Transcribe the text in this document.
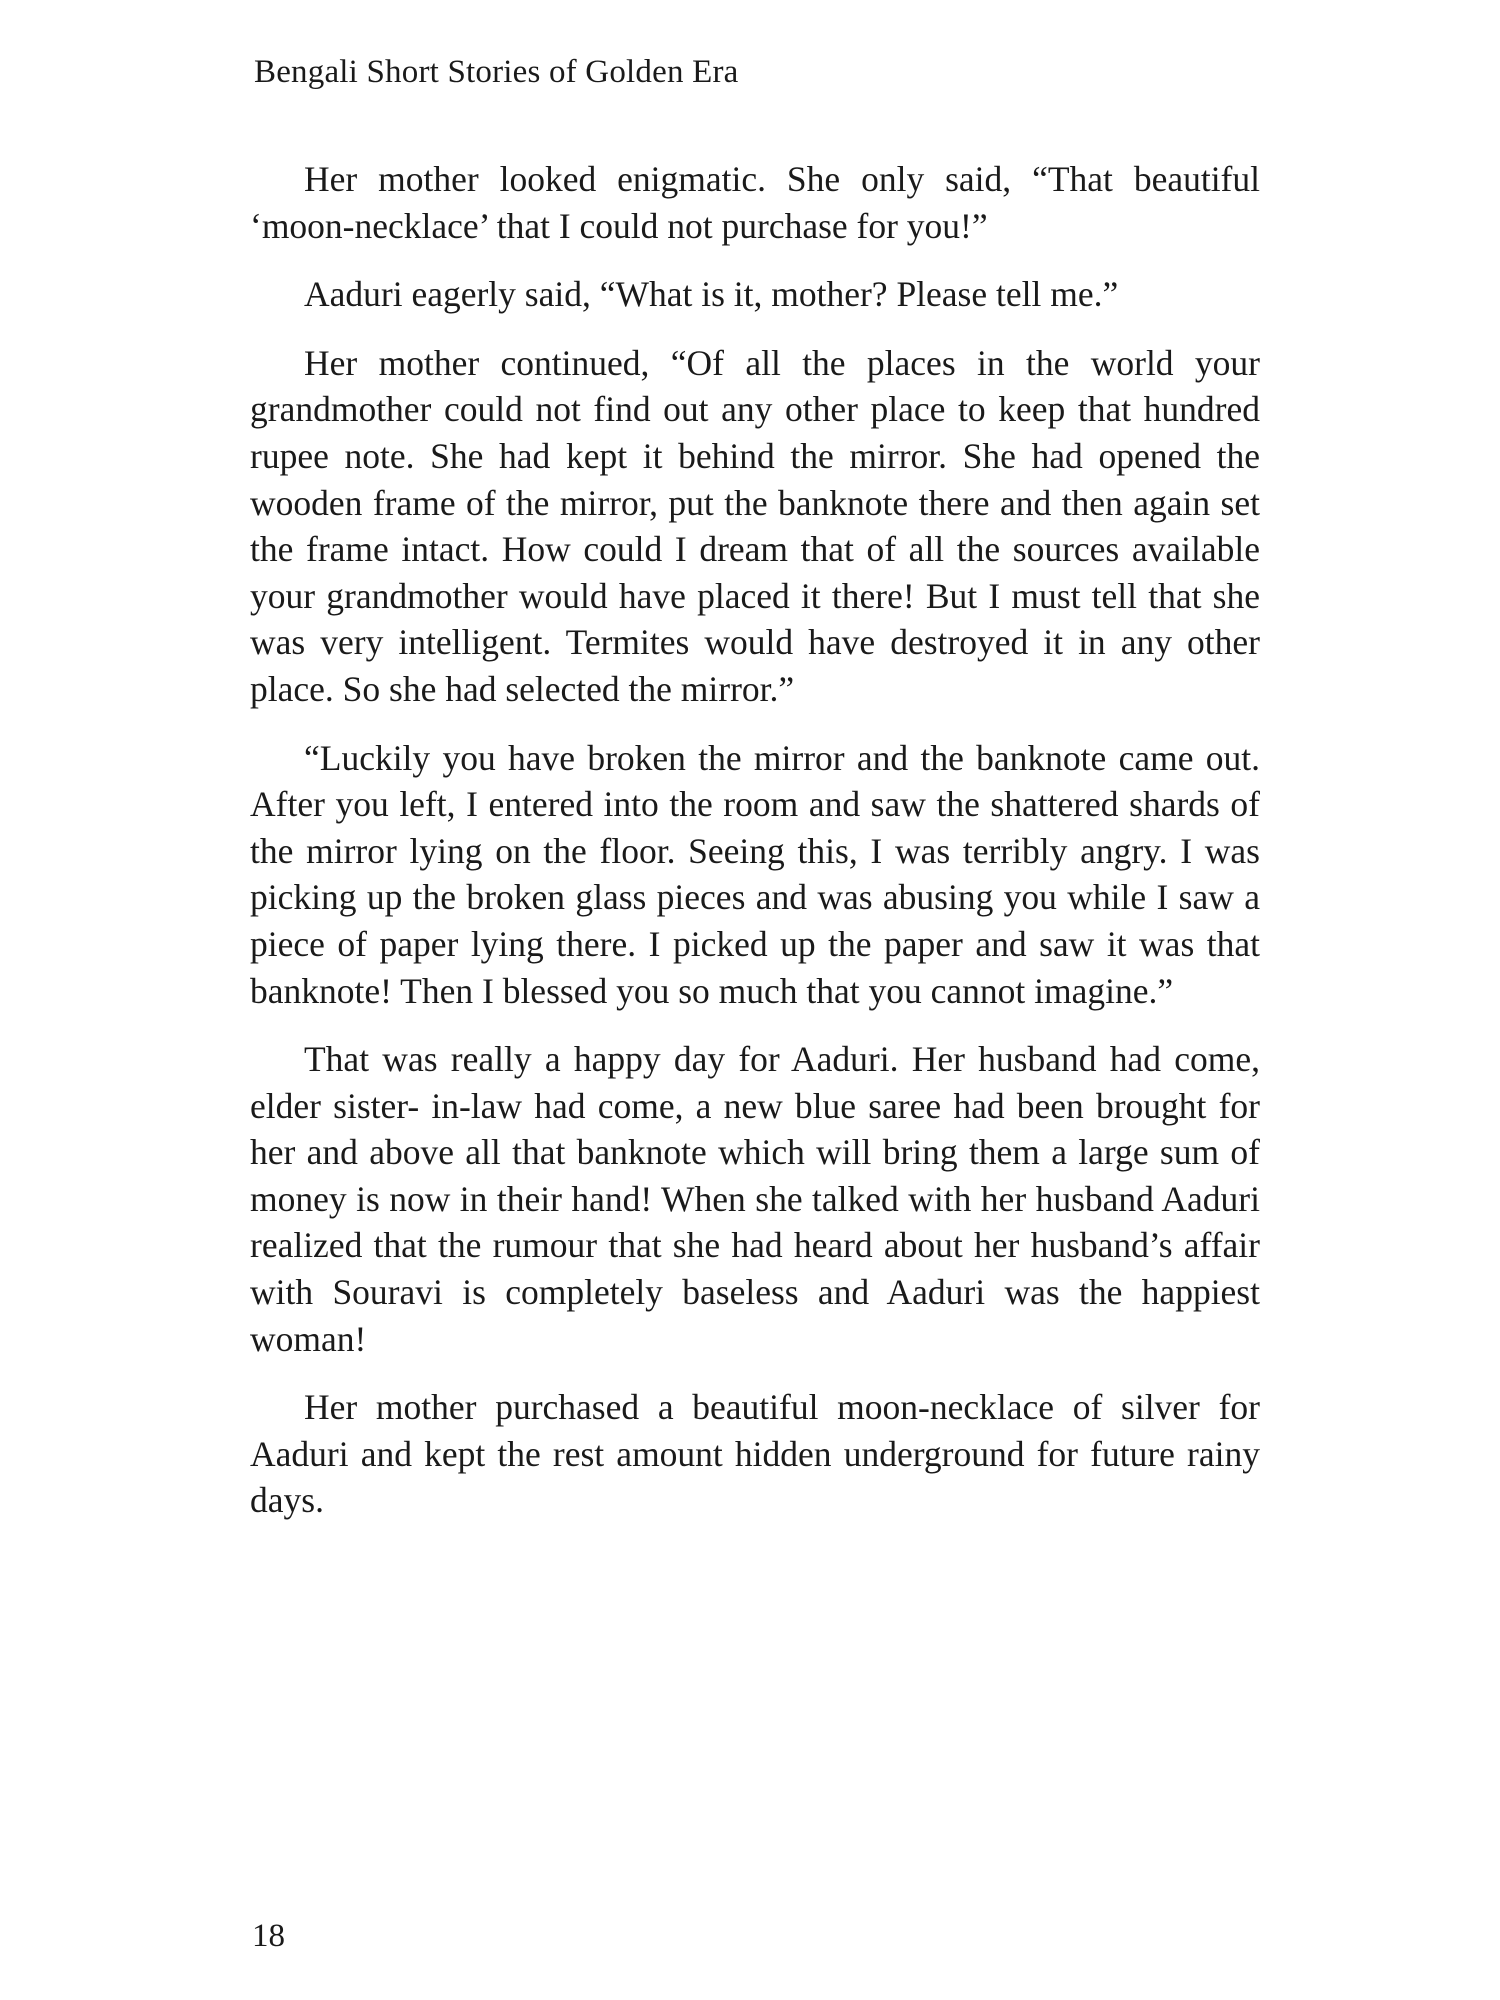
Bengali Short Stories of Golden Era

Her mother looked enigmatic. She only said, “That beautiful ‘moon-necklace’ that I could not purchase for you!”

Aaduri eagerly said, “What is it, mother? Please tell me.”

Her mother continued, “Of all the places in the world your grandmother could not find out any other place to keep that hundred rupee note. She had kept it behind the mirror. She had opened the wooden frame of the mirror, put the banknote there and then again set the frame intact. How could I dream that of all the sources available your grandmother would have placed it there! But I must tell that she was very intelligent. Termites would have destroyed it in any other place. So she had selected the mirror.”

“Luckily you have broken the mirror and the banknote came out. After you left, I entered into the room and saw the shattered shards of the mirror lying on the floor. Seeing this, I was terribly angry. I was picking up the broken glass pieces and was abusing you while I saw a piece of paper lying there. I picked up the paper and saw it was that banknote! Then I blessed you so much that you cannot imagine.”

That was really a happy day for Aaduri. Her husband had come, elder sister- in-law had come, a new blue saree had been brought for her and above all that banknote which will bring them a large sum of money is now in their hand! When she talked with her husband Aaduri realized that the rumour that she had heard about her husband’s affair with Souravi is completely baseless and Aaduri was the happiest woman!

Her mother purchased a beautiful moon-necklace of silver for Aaduri and kept the rest amount hidden underground for future rainy days.

18
